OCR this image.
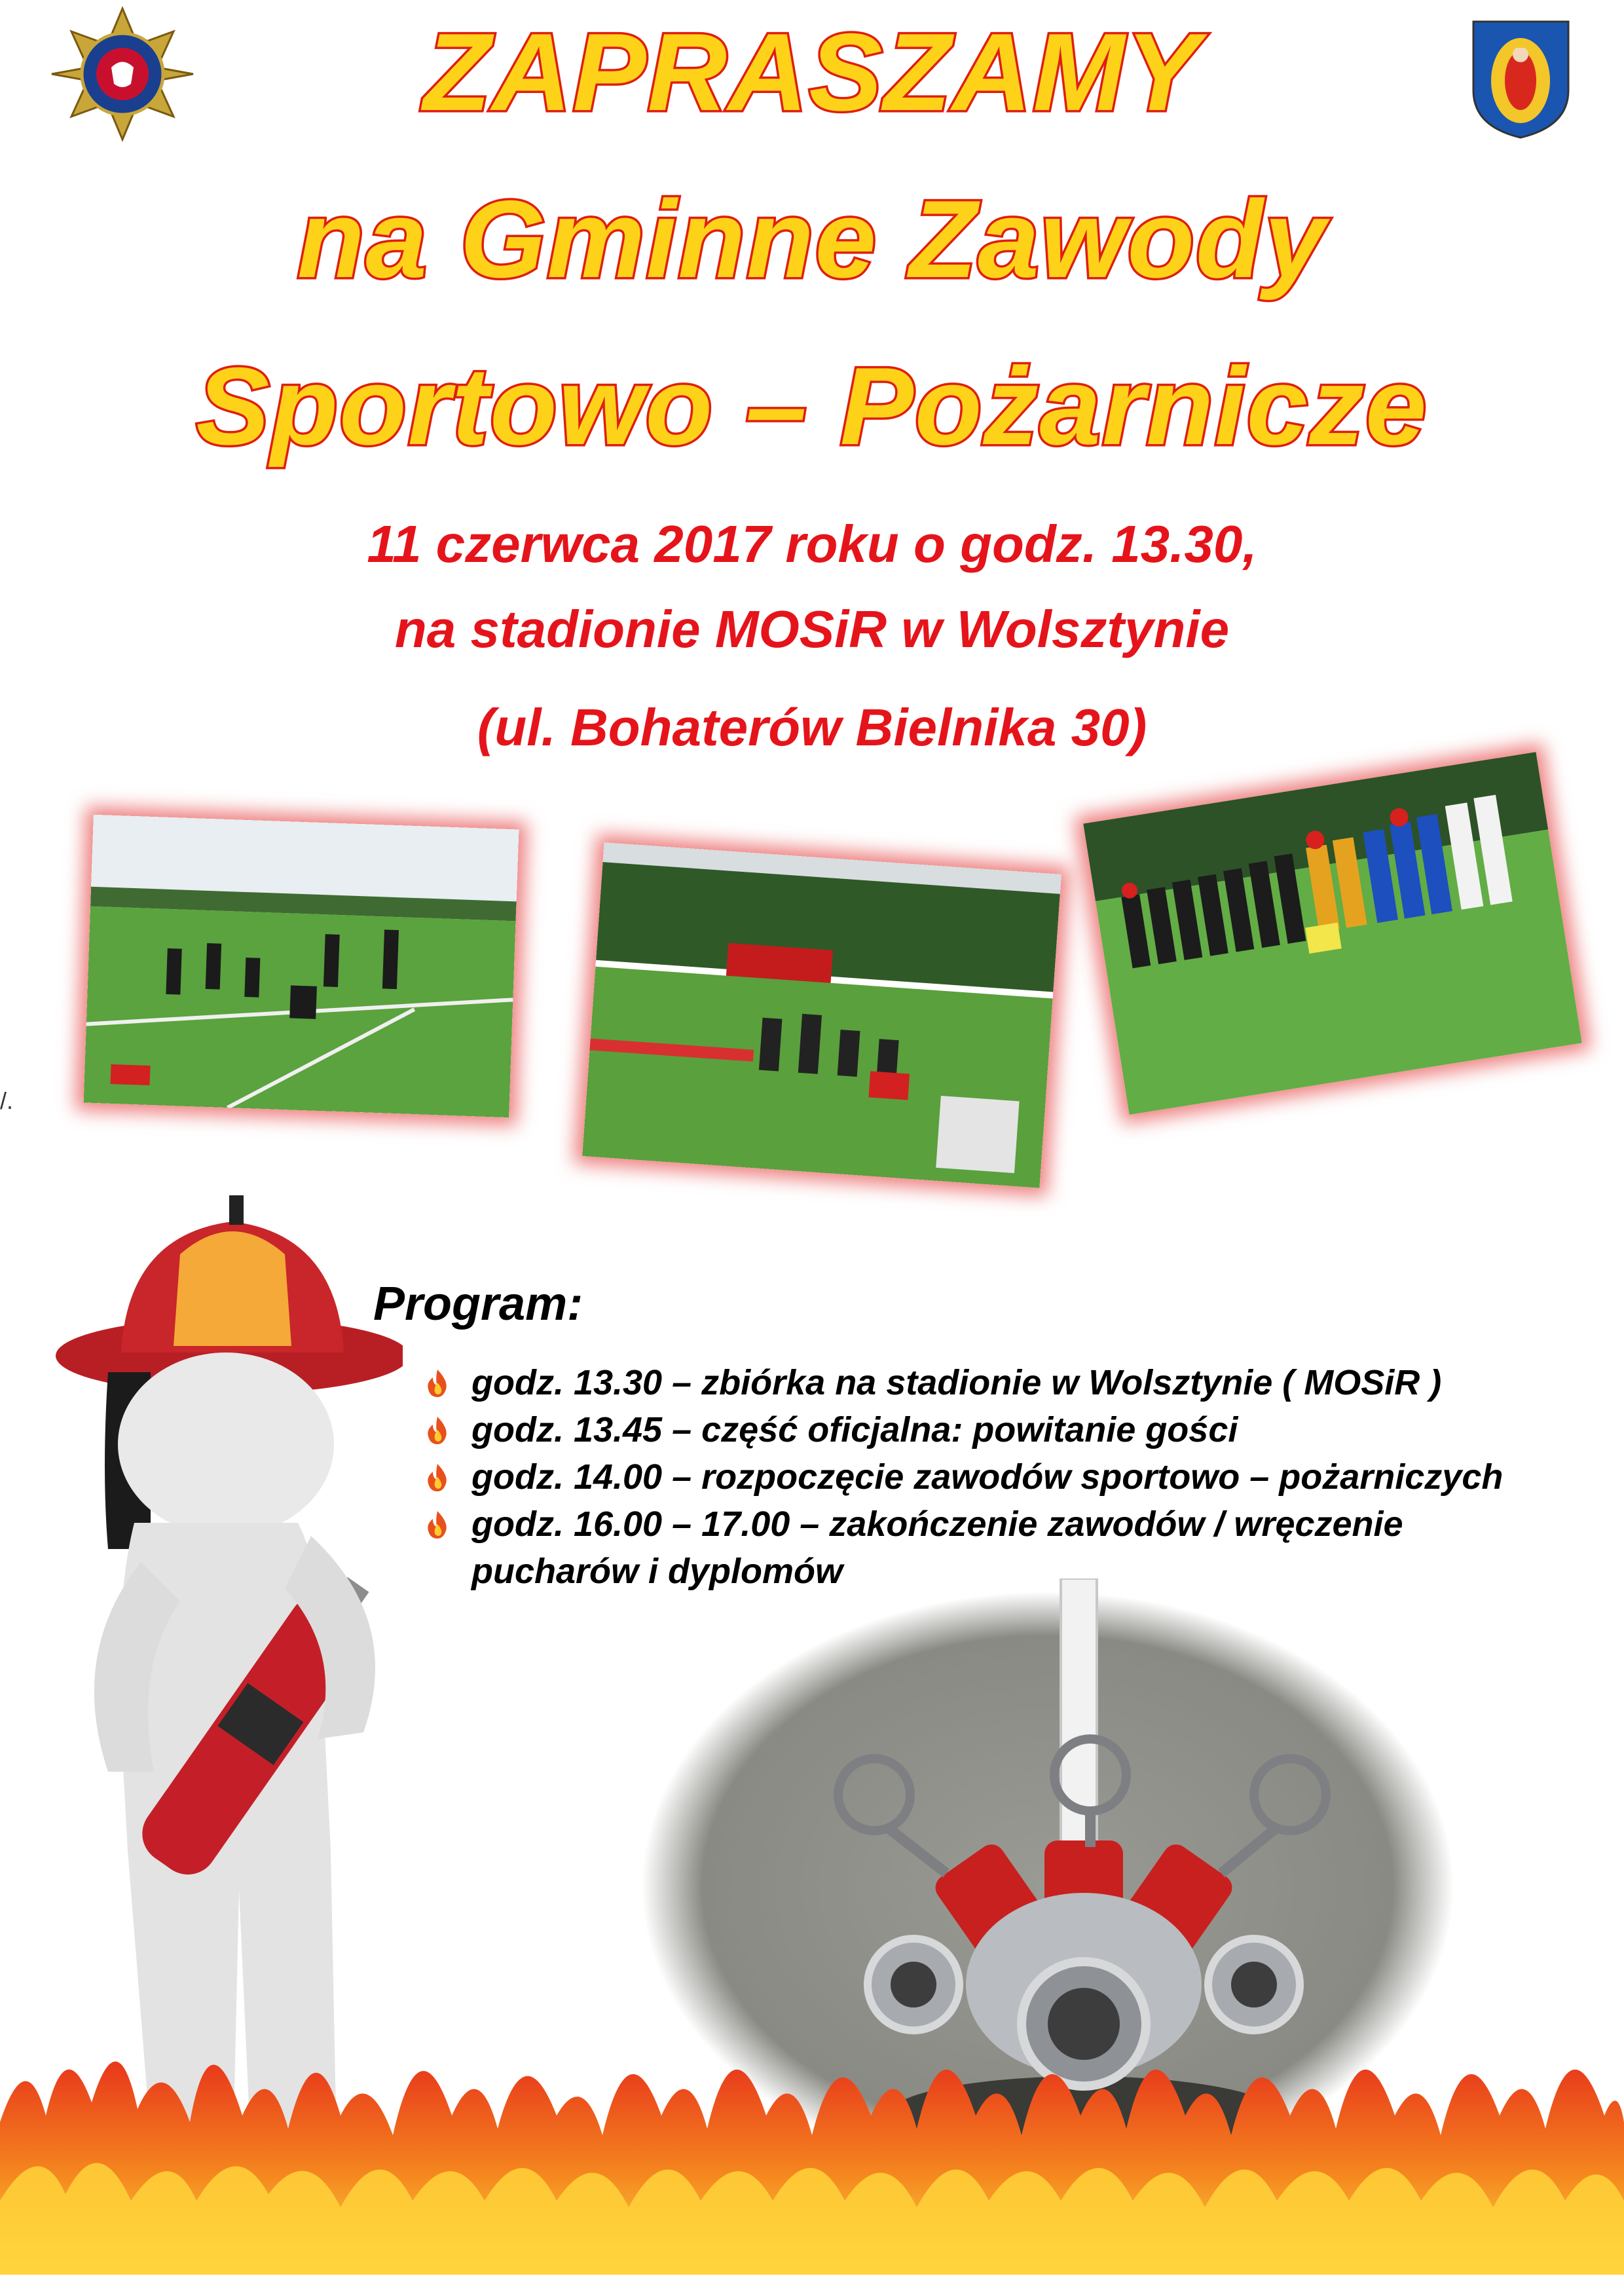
ZAPRASZAMY
na Gminne Zawody
Sportowo – Pożarnicze
11 czerwca 2017 roku o godz. 13.30,
na stadionie MOSiR w Wolsztynie
(ul. Bohaterów Bielnika 30)
/.
Program:
godz. 13.30 – zbiórka na stadionie w Wolsztynie ( MOSiR )
godz. 13.45 – część oficjalna: powitanie gości
godz. 14.00 – rozpoczęcie zawodów sportowo – pożarniczych
godz. 16.00 – 17.00 – zakończenie zawodów / wręczenie pucharów i dyplomów
